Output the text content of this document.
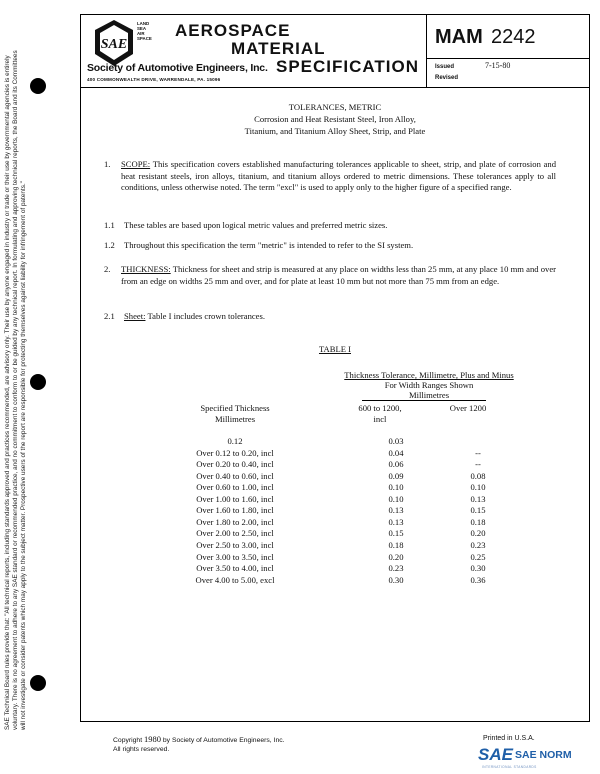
SAE Technical Board rules provide that: "All technical reports, including standards approved and practices recommended, are advisory only. Their use by anyone engaged in industry or trade or their use by governmental agencies is entirely voluntary. There is no agreement to adhere to any SAE standard or recommended practice, and no commitment to conform to or be guided by any technical report. In formulating and approving technical reports, the Board and its Committees will not investigate or consider patents which may apply to the subject matter. Prospective users of the report are responsible for protecting themselves against liability for infringement of patents."
SAE
LAND
SEA
AIR
SPACE AEROSPACE
MATERIAL
SPECIFICATION
Society of Automotive Engineers, Inc.
400 COMMONWEALTH DRIVE, WARRENDALE, PA. 15096
MAM 2242
Issued	7-15-80
Revised
TOLERANCES, METRIC
Corrosion and Heat Resistant Steel, Iron Alloy,
Titanium, and Titanium Alloy Sheet, Strip, and Plate
1.	SCOPE: This specification covers established manufacturing tolerances applicable to sheet, strip, and plate of corrosion and heat resistant steels, iron alloys, titanium, and titanium alloys ordered to metric dimensions. These tolerances apply to all conditions, unless otherwise noted. The term "excl" is used to apply only to the higher figure of a specified range.
1.1	These tables are based upon logical metric values and preferred metric sizes.
1.2	Throughout this specification the term "metric" is intended to refer to the SI system.
2.	THICKNESS: Thickness for sheet and strip is measured at any place on widths less than 25 mm, at any place 10 mm and over from an edge on widths 25 mm and over, and for plate at least 10 mm but not more than 75 mm from an edge.
2.1	Sheet: Table I includes crown tolerances.
TABLE I
Thickness Tolerance, Millimetre, Plus and Minus
For Width Ranges Shown
Millimetres
Specified Thickness
Millimetres
600 to 1200,
incl
Over 1200
0.12	0.03
Over 0.12 to 0.20, incl	0.04	--
Over 0.20 to 0.40, incl	0.06	--
Over 0.40 to 0.60, incl	0.09	0.08
Over 0.60 to 1.00, incl	0.10	0.10
Over 1.00 to 1.60, incl	0.10	0.13
Over 1.60 to 1.80, incl	0.13	0.15
Over 1.80 to 2.00, incl	0.13	0.18
Over 2.00 to 2.50, incl	0.15	0.20
Over 2.50 to 3.00, incl	0.18	0.23
Over 3.00 to 3.50, incl	0.20	0.25
Over 3.50 to 4.00, incl	0.23	0.30
Over 4.00 to 5.00, excl	0.30	0.36
Copyright 1980 by Society of Automotive Engineers, Inc.
All rights reserved.
Printed in U.S.A.
SAE SAE NORM
INTERNATIONAL STANDARDS
